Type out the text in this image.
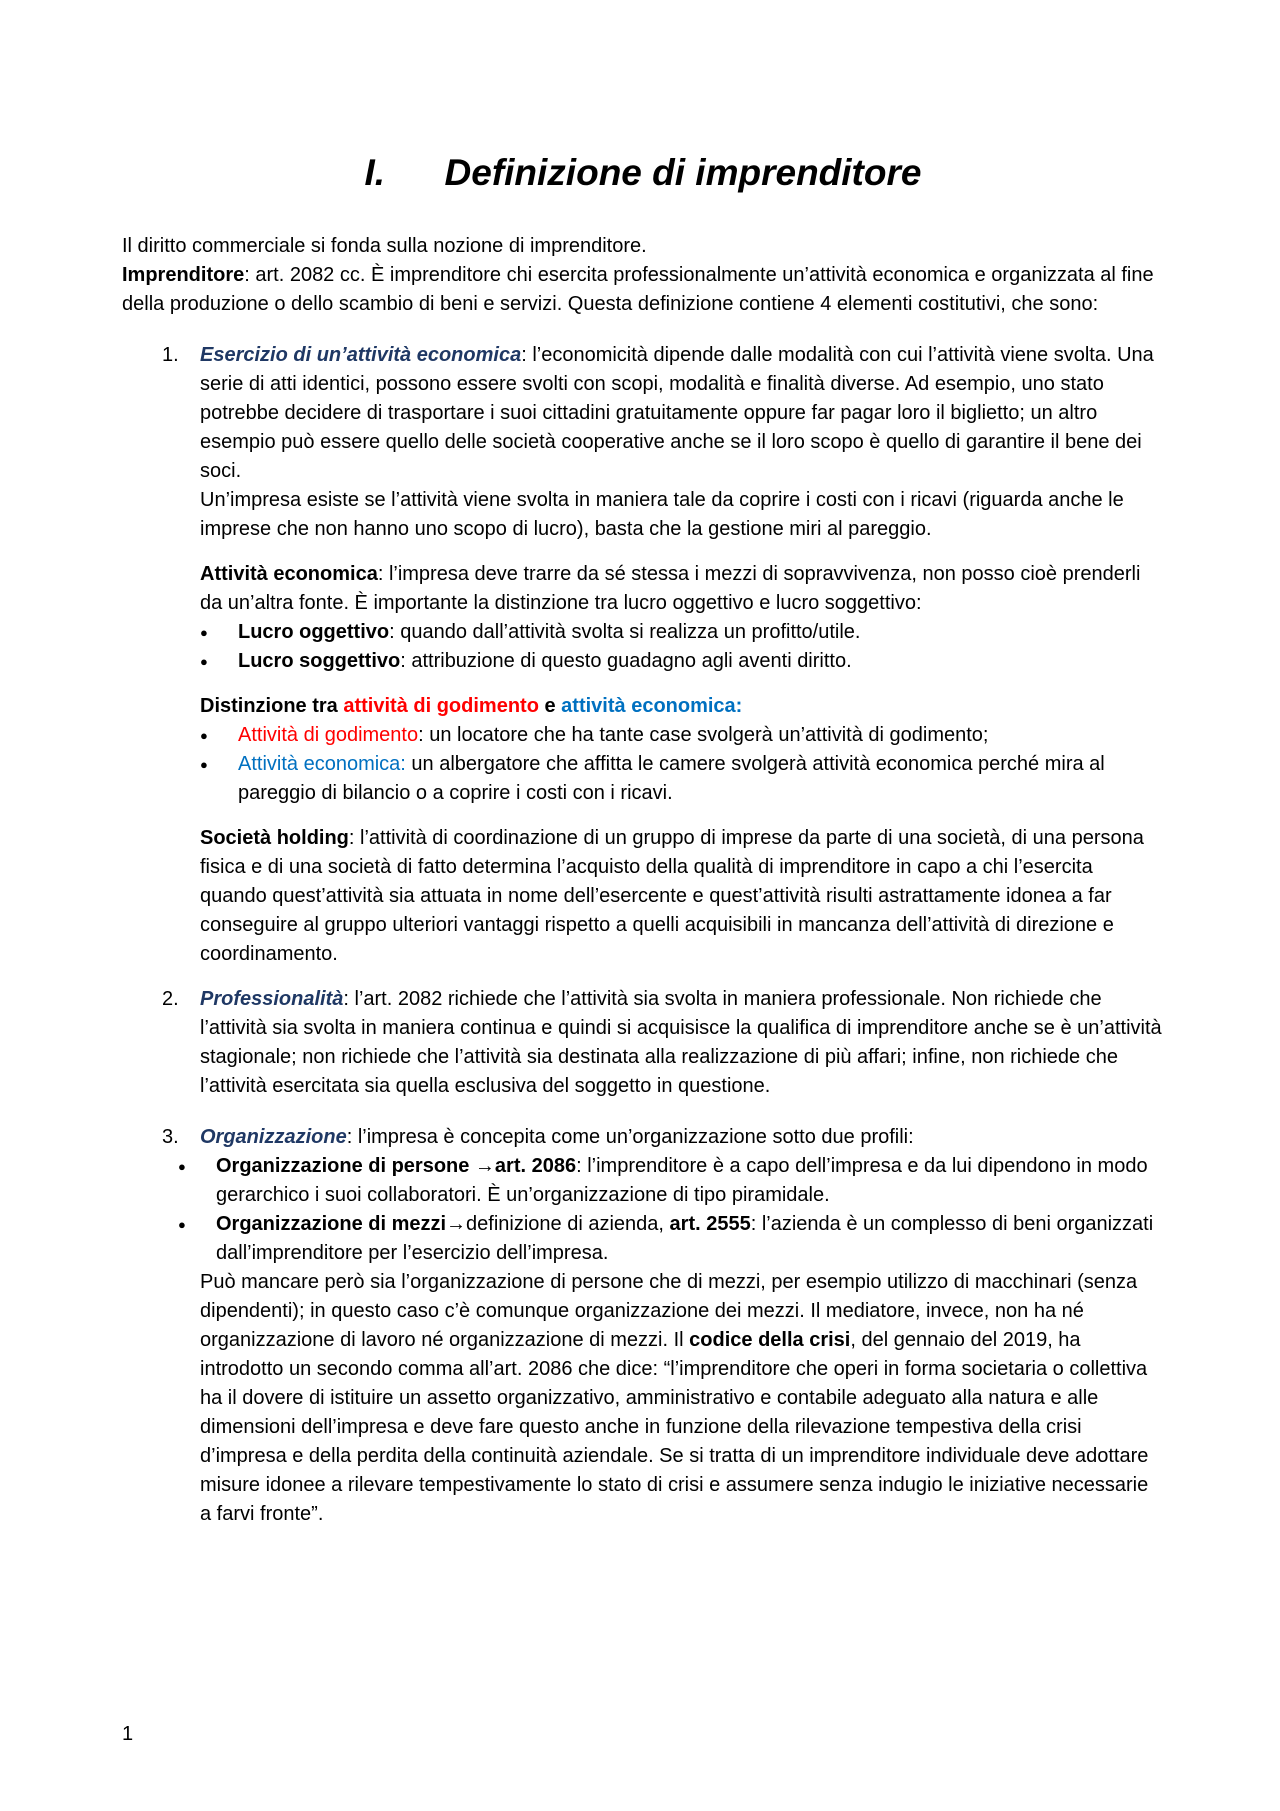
I. Definizione di imprenditore

Il diritto commerciale si fonda sulla nozione di imprenditore.

Imprenditore: art. 2082 cc. È imprenditore chi esercita professionalmente un’attività economica e organizzata al fine della produzione o dello scambio di beni e servizi. Questa definizione contiene 4 elementi costitutivi, che sono:

1. Esercizio di un’attività economica: l’economicità dipende dalle modalità con cui l’attività viene svolta. Una serie di atti identici, possono essere svolti con scopi, modalità e finalità diverse. Ad esempio, uno stato potrebbe decidere di trasportare i suoi cittadini gratuitamente oppure far pagar loro il biglietto; un altro esempio può essere quello delle società cooperative anche se il loro scopo è quello di garantire il bene dei soci.

Un’impresa esiste se l’attività viene svolta in maniera tale da coprire i costi con i ricavi (riguarda anche le imprese che non hanno uno scopo di lucro), basta che la gestione miri al pareggio.

Attività economica: l’impresa deve trarre da sé stessa i mezzi di sopravvivenza, non posso cioè prenderli da un’altra fonte. È importante la distinzione tra lucro oggettivo e lucro soggettivo:

● Lucro oggettivo: quando dall’attività svolta si realizza un profitto/utile.
● Lucro soggettivo: attribuzione di questo guadagno agli aventi diritto.

Distinzione tra attività di godimento e attività economica:

● Attività di godimento: un locatore che ha tante case svolgerà un’attività di godimento;
● Attività economica: un albergatore che affitta le camere svolgerà attività economica perché mira al pareggio di bilancio o a coprire i costi con i ricavi.

Società holding: l’attività di coordinazione di un gruppo di imprese da parte di una società, di una persona fisica e di una società di fatto determina l’acquisto della qualità di imprenditore in capo a chi l’esercita quando quest’attività sia attuata in nome dell’esercente e quest’attività risulti astrattamente idonea a far conseguire al gruppo ulteriori vantaggi rispetto a quelli acquisibili in mancanza dell’attività di direzione e coordinamento.

2. Professionalità: l’art. 2082 richiede che l’attività sia svolta in maniera professionale. Non richiede che l’attività sia svolta in maniera continua e quindi si acquisisce la qualifica di imprenditore anche se è un’attività stagionale; non richiede che l’attività sia destinata alla realizzazione di più affari; infine, non richiede che l’attività esercitata sia quella esclusiva del soggetto in questione.

3. Organizzazione: l’impresa è concepita come un’organizzazione sotto due profili:

● Organizzazione di persone →art. 2086: l’imprenditore è a capo dell’impresa e da lui dipendono in modo gerarchico i suoi collaboratori. È un’organizzazione di tipo piramidale.
● Organizzazione di mezzi→definizione di azienda, art. 2555: l’azienda è un complesso di beni organizzati dall’imprenditore per l’esercizio dell’impresa.

Può mancare però sia l’organizzazione di persone che di mezzi, per esempio utilizzo di macchinari (senza dipendenti); in questo caso c’è comunque organizzazione dei mezzi. Il mediatore, invece, non ha né organizzazione di lavoro né organizzazione di mezzi. Il codice della crisi, del gennaio del 2019, ha introdotto un secondo comma all’art. 2086 che dice: “l’imprenditore che operi in forma societaria o collettiva ha il dovere di istituire un assetto organizzativo, amministrativo e contabile adeguato alla natura e alle dimensioni dell’impresa e deve fare questo anche in funzione della rilevazione tempestiva della crisi d’impresa e della perdita della continuità aziendale. Se si tratta di un imprenditore individuale deve adottare misure idonee a rilevare tempestivamente lo stato di crisi e assumere senza indugio le iniziative necessarie a farvi fronte”.

1
